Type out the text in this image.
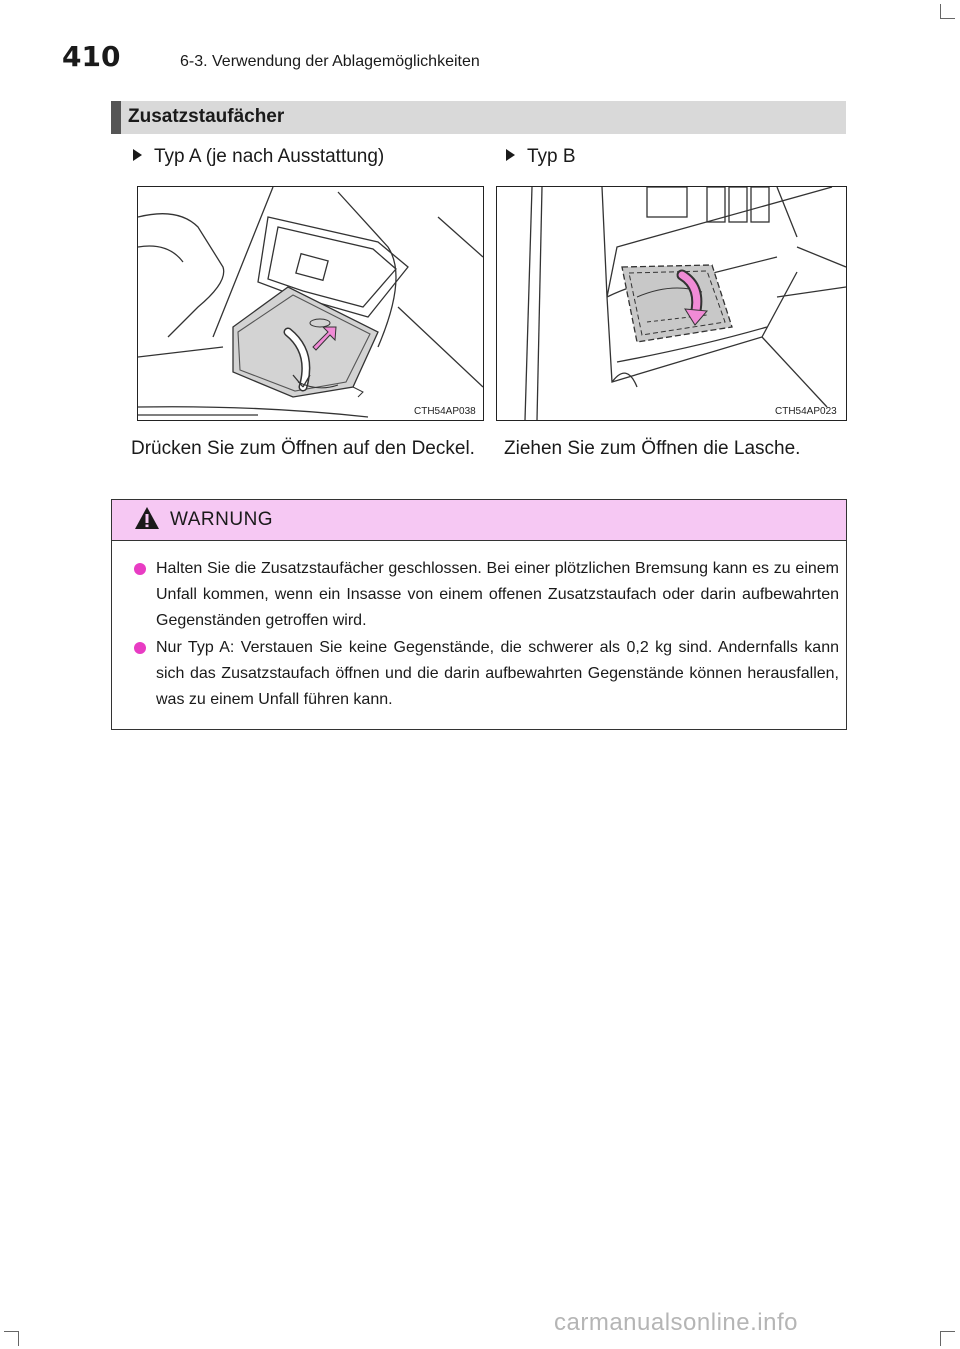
410	6-3. Verwendung der Ablagemöglichkeiten
Zusatzstaufächer
Typ A (je nach Ausstattung)	Typ B
CTH54AP038	CTH54AP023
Drücken Sie zum Öffnen auf den Deckel. Ziehen Sie zum Öffnen die Lasche.
WARNUNG
Halten Sie die Zusatzstaufächer geschlossen. Bei einer plötzlichen Bremsung kann es zu einem Unfall kommen, wenn ein Insasse von einem offenen Zusatzstaufach oder darin aufbewahrten Gegenständen getroffen wird.
Nur Typ A: Verstauen Sie keine Gegenstände, die schwerer als 0,2 kg sind. Andernfalls kann sich das Zusatzstaufach öffnen und die darin aufbewahrten Gegenstände können herausfallen, was zu einem Unfall führen kann.
carmanualsonline.info
